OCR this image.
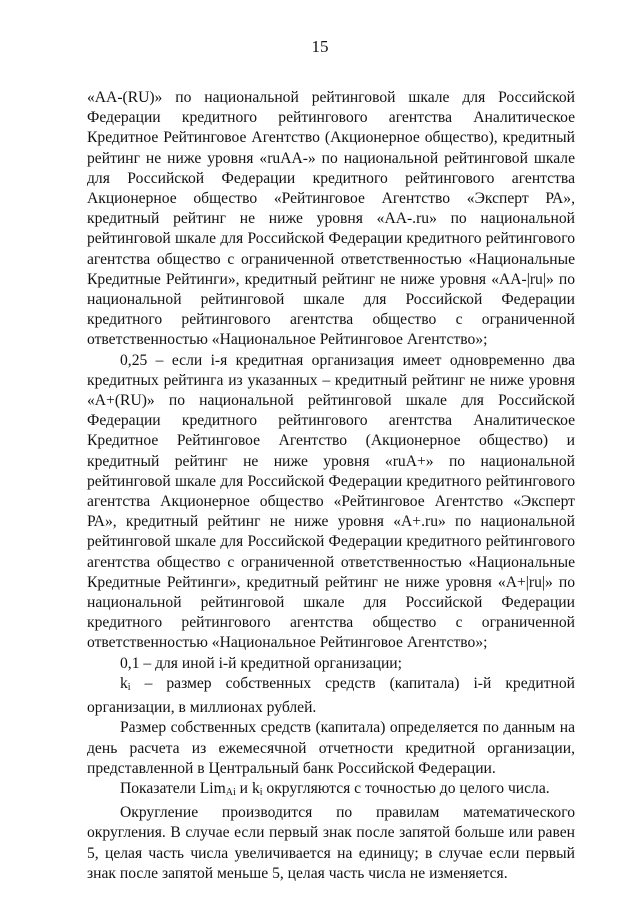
15

«AA-(RU)» по национальной рейтинговой шкале для Российской Федерации кредитного рейтингового агентства Аналитическое Кредитное Рейтинговое Агентство (Акционерное общество), кредитный рейтинг не ниже уровня «ruAA-» по национальной рейтинговой шкале для Российской Федерации кредитного рейтингового агентства Акционерное общество «Рейтинговое Агентство «Эксперт РА», кредитный рейтинг не ниже уровня «AA-.ru» по национальной рейтинговой шкале для Российской Федерации кредитного рейтингового агентства общество с ограниченной ответственностью «Национальные Кредитные Рейтинги», кредитный рейтинг не ниже уровня «AA-|ru|» по национальной рейтинговой шкале для Российской Федерации кредитного рейтингового агентства общество с ограниченной ответственностью «Национальное Рейтинговое Агентство»;

0,25 – если i-я кредитная организация имеет одновременно два кредитных рейтинга из указанных – кредитный рейтинг не ниже уровня «A+(RU)» по национальной рейтинговой шкале для Российской Федерации кредитного рейтингового агентства Аналитическое Кредитное Рейтинговое Агентство (Акционерное общество) и кредитный рейтинг не ниже уровня «ruA+» по национальной рейтинговой шкале для Российской Федерации кредитного рейтингового агентства Акционерное общество «Рейтинговое Агентство «Эксперт РА», кредитный рейтинг не ниже уровня «A+.ru» по национальной рейтинговой шкале для Российской Федерации кредитного рейтингового агентства общество с ограниченной ответственностью «Национальные Кредитные Рейтинги», кредитный рейтинг не ниже уровня «A+|ru|» по национальной рейтинговой шкале для Российской Федерации кредитного рейтингового агентства общество с ограниченной ответственностью «Национальное Рейтинговое Агентство»;

0,1 – для иной i-й кредитной организации;

$k_i$ – размер собственных средств (капитала) i-й кредитной организации, в миллионах рублей.

Размер собственных средств (капитала) определяется по данным на день расчета из ежемесячной отчетности кредитной организации, представленной в Центральный банк Российской Федерации.

Показатели Lim$_{Ai}$ и $k_i$ округляются с точностью до целого числа.

Округление производится по правилам математического округления. В случае если первый знак после запятой больше или равен 5, целая часть числа увеличивается на единицу; в случае если первый знак после запятой меньше 5, целая часть числа не изменяется.
